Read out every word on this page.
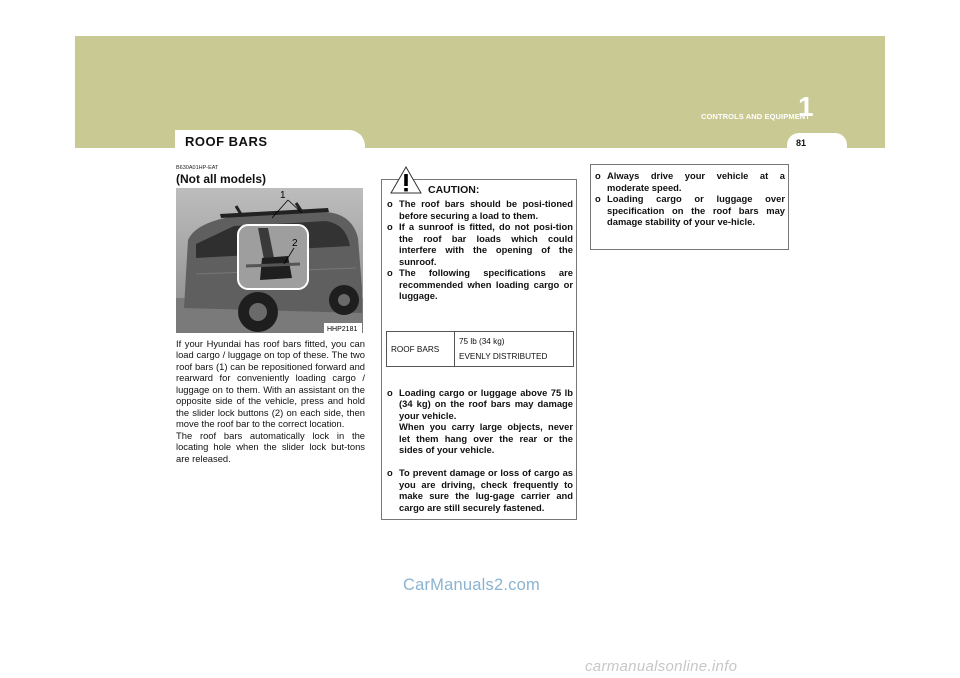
CONTROLS AND EQUIPMENT
1
81
ROOF BARS
B630A01HP-EAT
(Not all models)
1
2
HHP2181
If your Hyundai has roof bars fitted, you can load cargo / luggage on top of these. The two roof bars (1) can be repositioned forward and rearward for conveniently loading cargo / luggage on to them. With an assistant on the opposite side of the vehicle, press and hold the slider lock buttons (2) on each side, then move the roof bar to the correct location.
The roof bars automatically lock in the locating hole when the slider lock but-tons are released.
CAUTION:
o The roof bars should be posi-tioned before securing a load to them.
o If a sunroof is fitted, do not posi-tion the roof bar loads which could interfere with the opening of the sunroof.
o The following specifications are recommended when loading cargo or luggage.
ROOF BARS
75 lb (34 kg)
EVENLY DISTRIBUTED

o Loading cargo or luggage above 75 lb (34 kg) on the roof bars may damage your vehicle.
When you carry large objects, never let them hang over the rear or the sides of your vehicle.

o To prevent damage or loss of cargo as you are driving, check frequently to make sure the lug-gage carrier and cargo are still securely fastened.

o Always drive your vehicle at a moderate speed.
o Loading cargo or luggage over specification on the roof bars may damage stability of your ve-hicle.
CarManuals2.com
carmanualsonline.info
